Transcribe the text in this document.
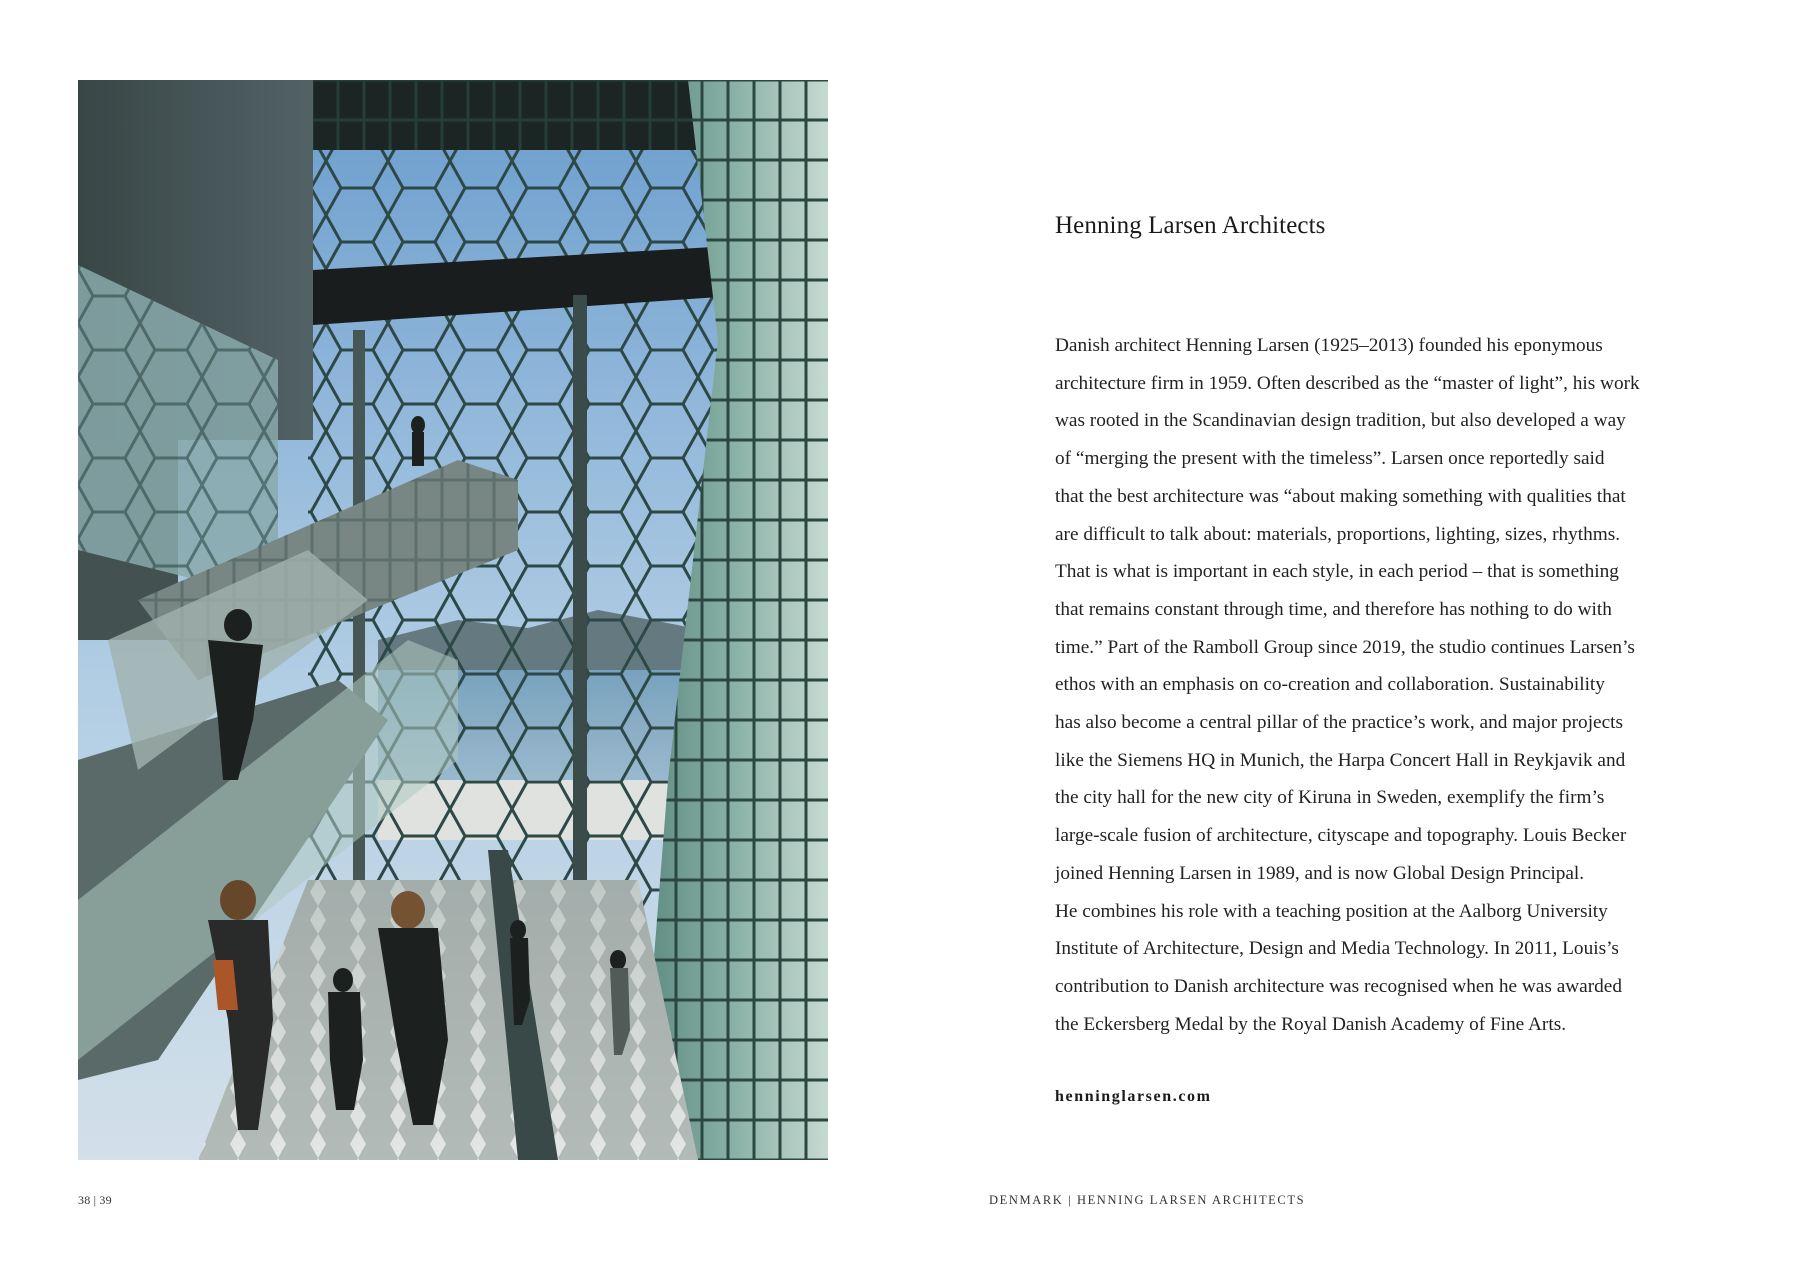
Henning Larsen Architects
Danish architect Henning Larsen (1925–2013) founded his eponymous
architecture firm in 1959. Often described as the “master of light”, his work
was rooted in the Scandinavian design tradition, but also developed a way
of “merging the present with the timeless”. Larsen once reportedly said
that the best architecture was “about making something with qualities that
are difficult to talk about: materials, proportions, lighting, sizes, rhythms.
That is what is important in each style, in each period – that is something
that remains constant through time, and therefore has nothing to do with
time.” Part of the Ramboll Group since 2019, the studio continues Larsen’s
ethos with an emphasis on co-creation and collaboration. Sustainability
has also become a central pillar of the practice’s work, and major projects
like the Siemens HQ in Munich, the Harpa Concert Hall in Reykjavik and
the city hall for the new city of Kiruna in Sweden, exemplify the firm’s
large-scale fusion of architecture, cityscape and topography. Louis Becker
joined Henning Larsen in 1989, and is now Global Design Principal.
He combines his role with a teaching position at the Aalborg University
Institute of Architecture, Design and Media Technology. In 2011, Louis’s
contribution to Danish architecture was recognised when he was awarded
the Eckersberg Medal by the Royal Danish Academy of Fine Arts.
henninglarsen.com
38 | 39	DENMARK | HENNING LARSEN ARCHITECTS
